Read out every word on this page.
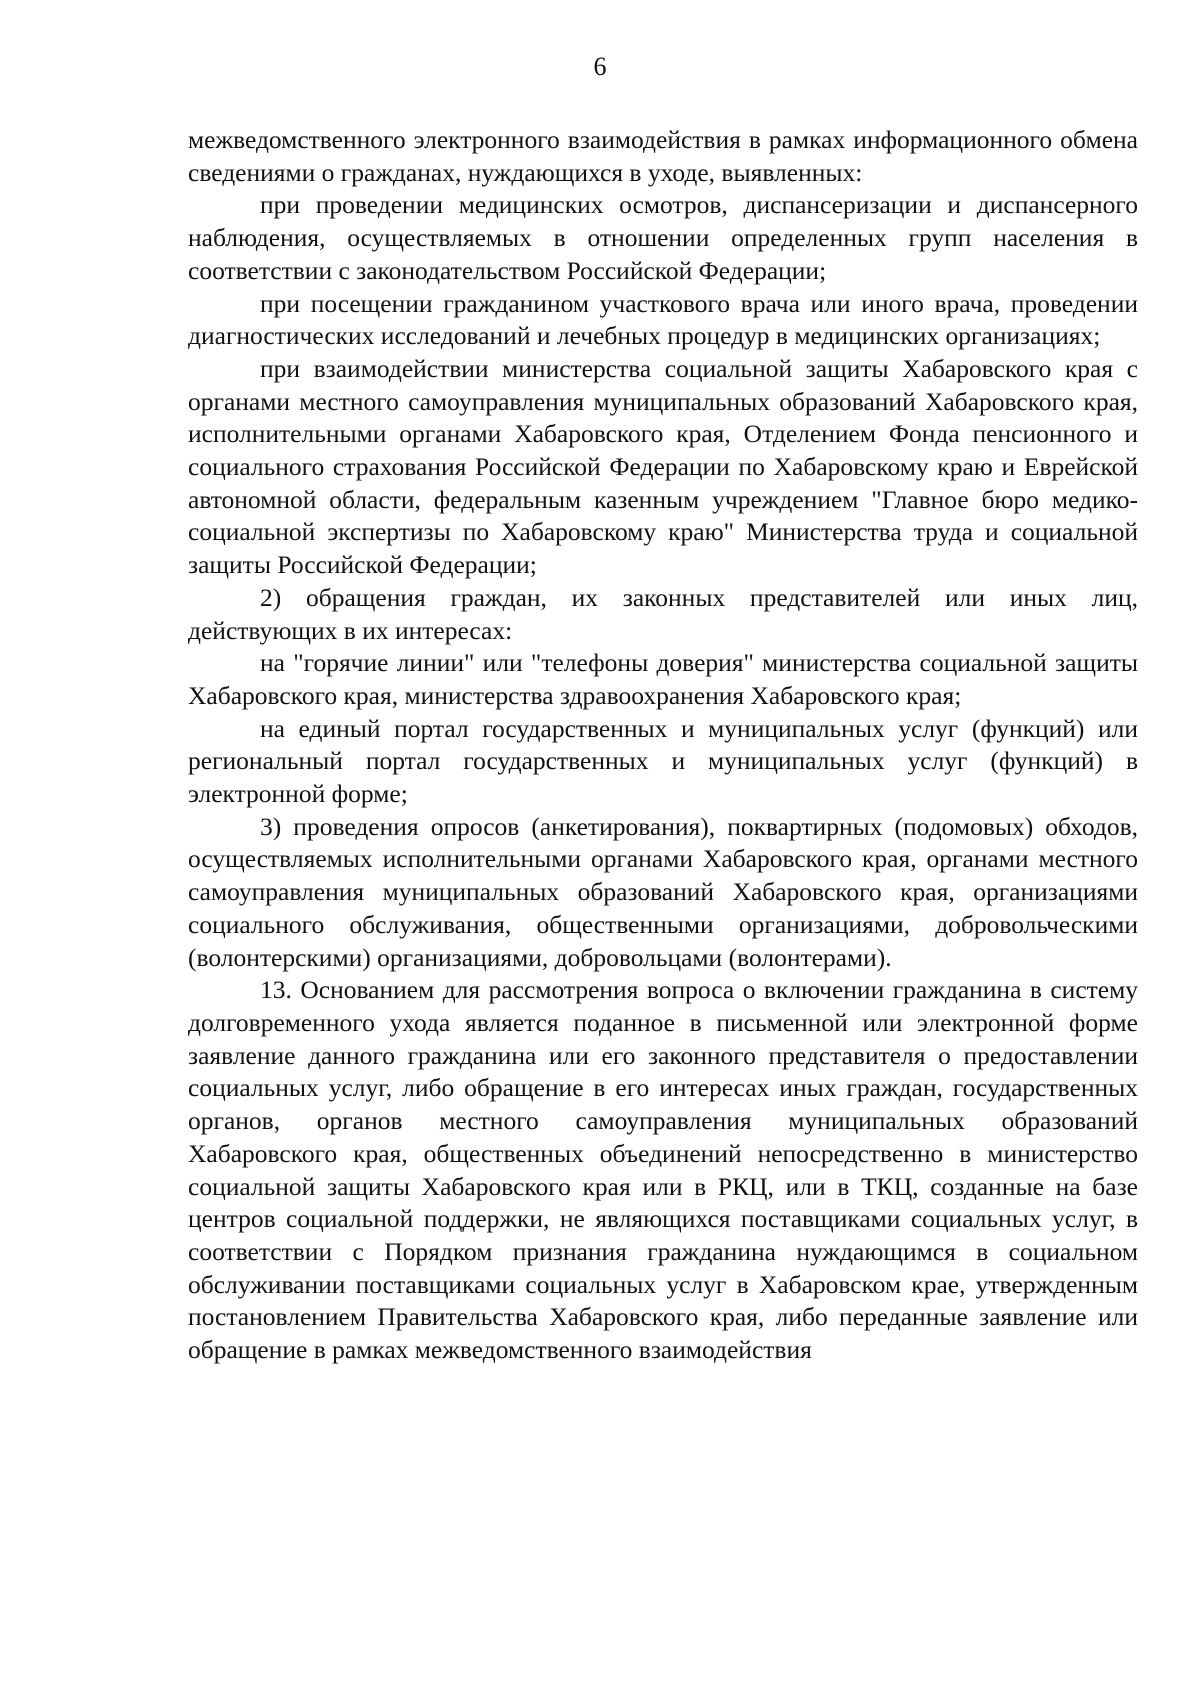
6

межведомственного электронного взаимодействия в рамках информационного обмена сведениями о гражданах, нуждающихся в уходе, выявленных:

при проведении медицинских осмотров, диспансеризации и диспансерного наблюдения, осуществляемых в отношении определенных групп населения в соответствии с законодательством Российской Федерации;

при посещении гражданином участкового врача или иного врача, проведении диагностических исследований и лечебных процедур в медицинских организациях;

при взаимодействии министерства социальной защиты Хабаровского края с органами местного самоуправления муниципальных образований Хабаровского края, исполнительными органами Хабаровского края, Отделением Фонда пенсионного и социального страхования Российской Федерации по Хабаровскому краю и Еврейской автономной области, федеральным казенным учреждением "Главное бюро медико-социальной экспертизы по Хабаровскому краю" Министерства труда и социальной защиты Российской Федерации;

2) обращения граждан, их законных представителей или иных лиц, действующих в их интересах:

на "горячие линии" или "телефоны доверия" министерства социальной защиты Хабаровского края, министерства здравоохранения Хабаровского края;

на единый портал государственных и муниципальных услуг (функций) или региональный портал государственных и муниципальных услуг (функций) в электронной форме;

3) проведения опросов (анкетирования), поквартирных (подомовых) обходов, осуществляемых исполнительными органами Хабаровского края, органами местного самоуправления муниципальных образований Хабаровского края, организациями социального обслуживания, общественными организациями, добровольческими (волонтерскими) организациями, добровольцами (волонтерами).

13. Основанием для рассмотрения вопроса о включении гражданина в систему долговременного ухода является поданное в письменной или электронной форме заявление данного гражданина или его законного представителя о предоставлении социальных услуг, либо обращение в его интересах иных граждан, государственных органов, органов местного самоуправления муниципальных образований Хабаровского края, общественных объединений непосредственно в министерство социальной защиты Хабаровского края или в РКЦ, или в ТКЦ, созданные на базе центров социальной поддержки, не являющихся поставщиками социальных услуг, в соответствии с Порядком признания гражданина нуждающимся в социальном обслуживании поставщиками социальных услуг в Хабаровском крае, утвержденным постановлением Правительства Хабаровского края, либо переданные заявление или обращение в рамках межведомственного взаимодействия
